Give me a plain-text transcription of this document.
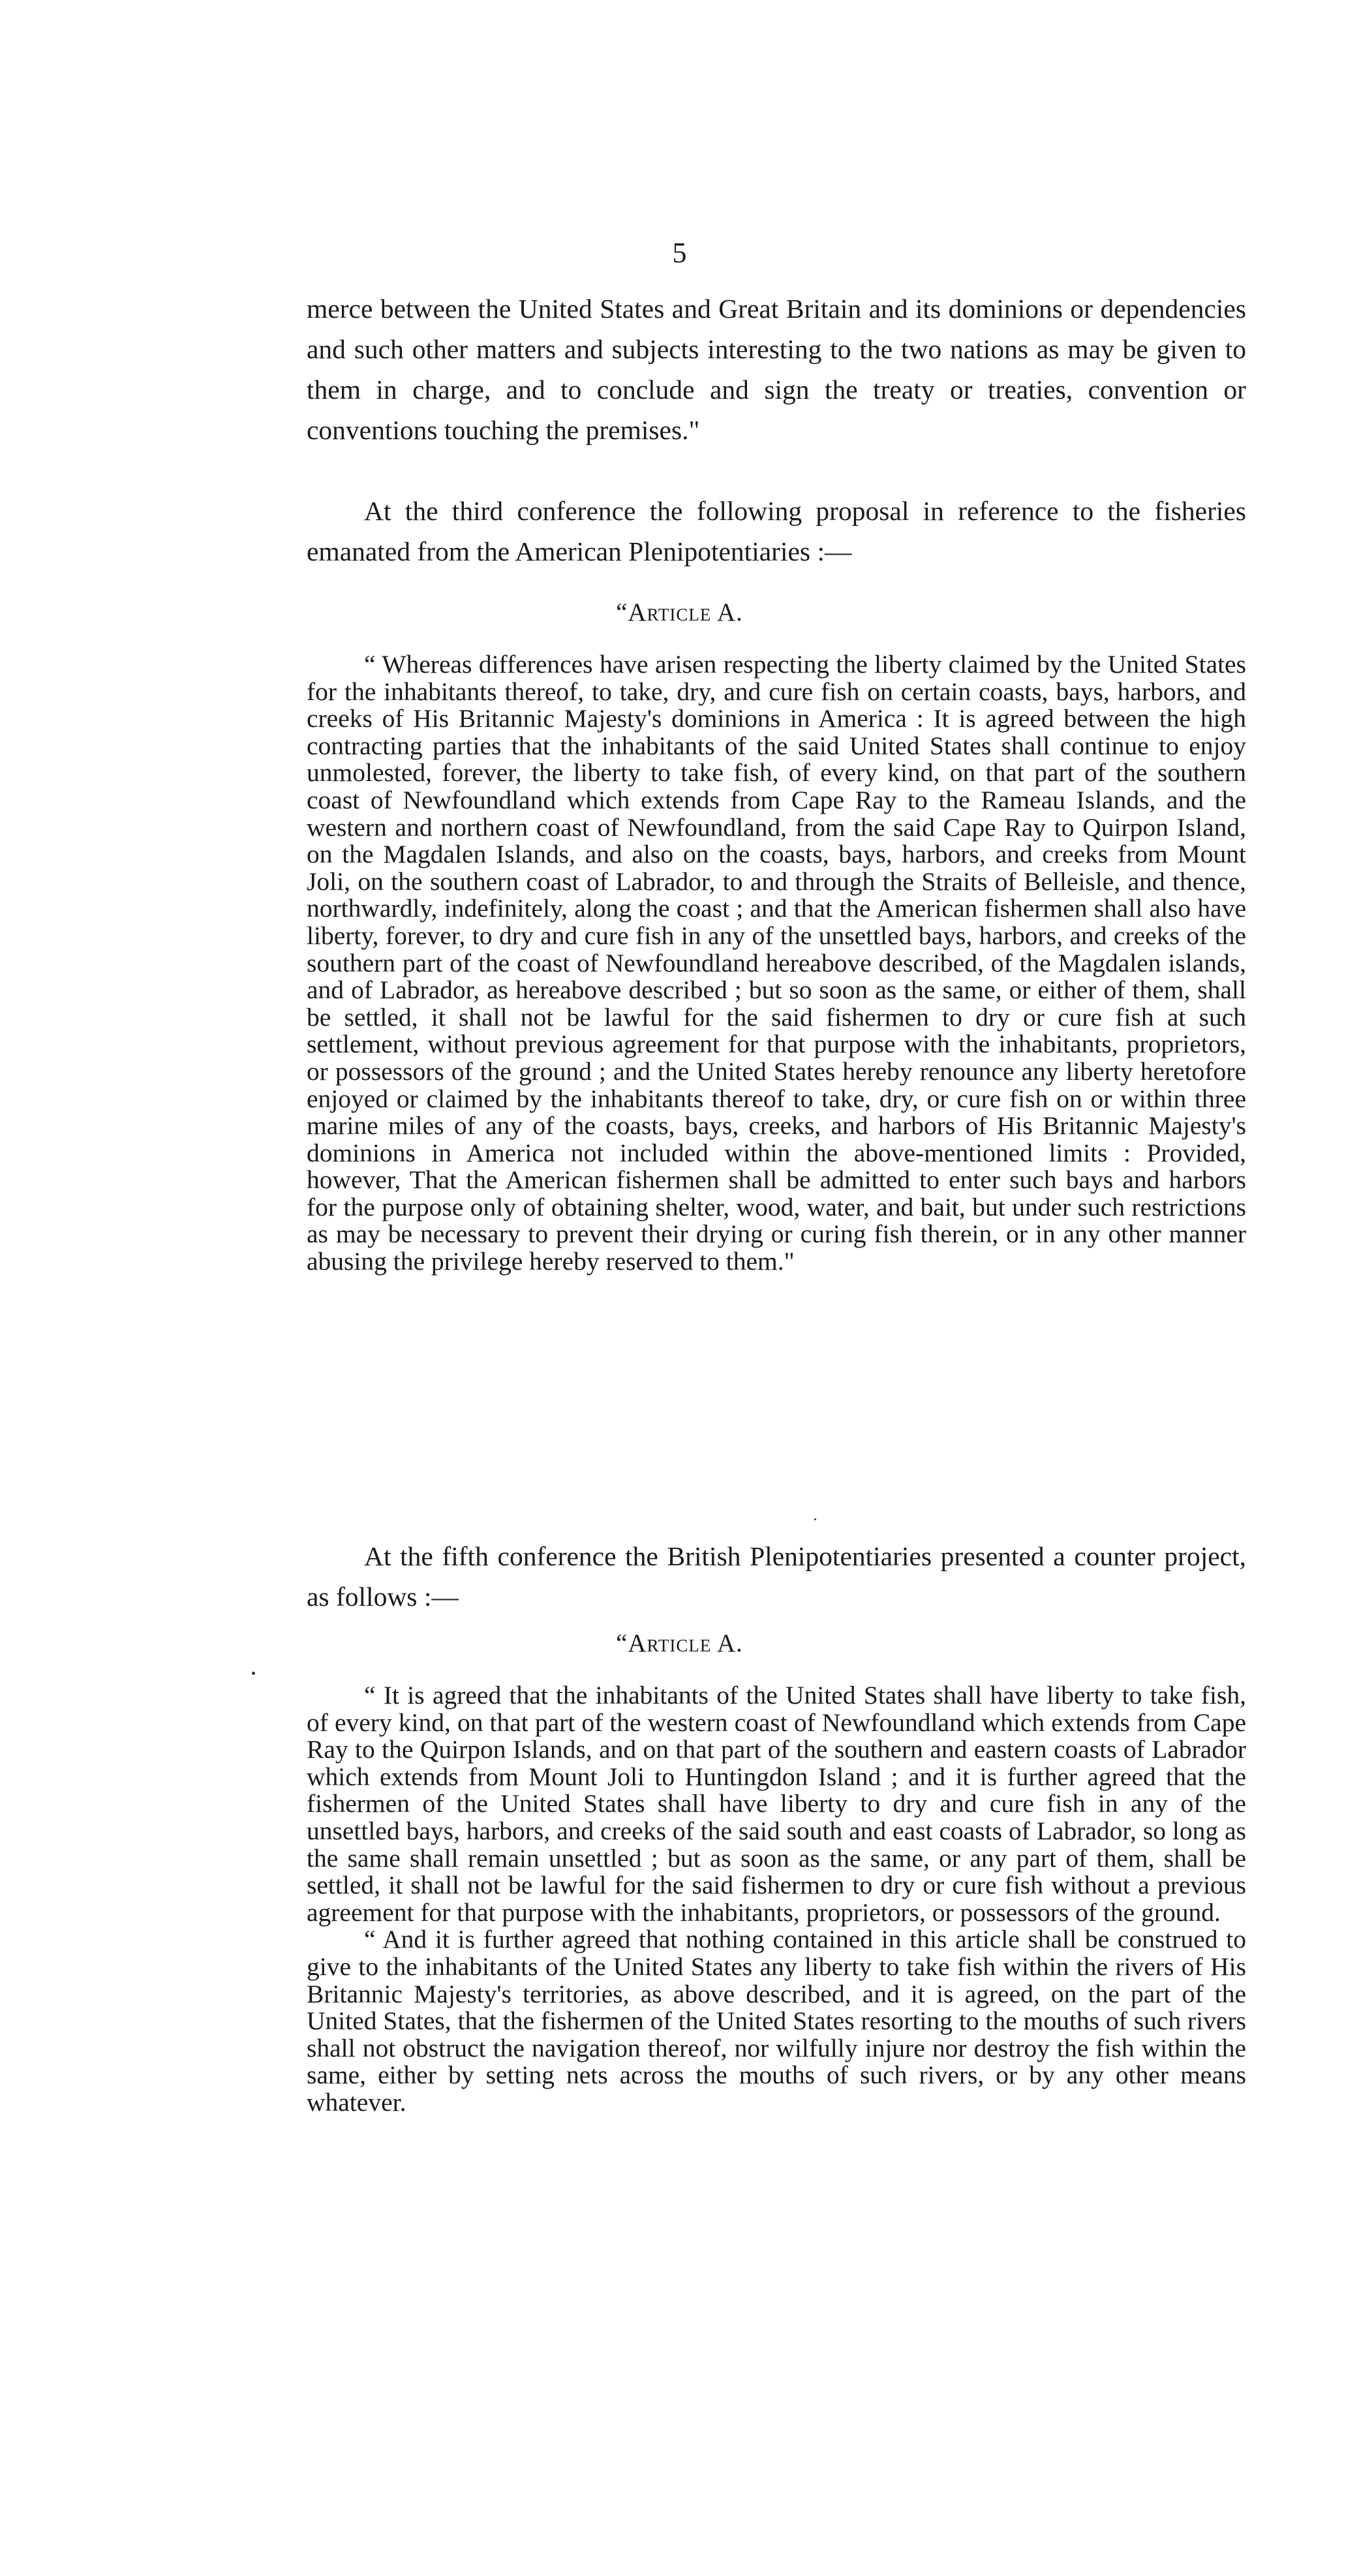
5

merce between the United States and Great Britain and its dominions or dependencies and such other matters and subjects interesting to the two nations as may be given to them in charge, and to conclude and sign the treaty or treaties, convention or conventions touching the premises."

At the third conference the following proposal in reference to the fisheries emanated from the American Plenipotentiaries :—

“Article A.

“ Whereas differences have arisen respecting the liberty claimed by the United States for the inhabitants thereof, to take, dry, and cure fish on certain coasts, bays, harbors, and creeks of His Britannic Majesty's dominions in America : It is agreed between the high contracting parties that the inhabitants of the said United States shall continue to enjoy unmolested, forever, the liberty to take fish, of every kind, on that part of the southern coast of Newfoundland which extends from Cape Ray to the Rameau Islands, and the western and northern coast of Newfoundland, from the said Cape Ray to Quirpon Island, on the Magdalen Islands, and also on the coasts, bays, harbors, and creeks from Mount Joli, on the southern coast of Labrador, to and through the Straits of Belleisle, and thence, northwardly, indefinitely, along the coast ; and that the American fishermen shall also have liberty, forever, to dry and cure fish in any of the unsettled bays, harbors, and creeks of the southern part of the coast of Newfoundland hereabove described, of the Magdalen islands, and of Labrador, as hereabove described ; but so soon as the same, or either of them, shall be settled, it shall not be lawful for the said fishermen to dry or cure fish at such settlement, without previous agreement for that purpose with the inhabitants, proprietors, or possessors of the ground ; and the United States hereby renounce any liberty heretofore enjoyed or claimed by the inhabitants thereof to take, dry, or cure fish on or within three marine miles of any of the coasts, bays, creeks, and harbors of His Britannic Majesty's dominions in America not included within the above-mentioned limits : Provided, however, That the American fishermen shall be admitted to enter such bays and harbors for the purpose only of obtaining shelter, wood, water, and bait, but under such restrictions as may be necessary to prevent their drying or curing fish therein, or in any other manner abusing the privilege hereby reserved to them."

At the fifth conference the British Plenipotentiaries presented a counter project, as follows :—

“Article A.

“ It is agreed that the inhabitants of the United States shall have liberty to take fish, of every kind, on that part of the western coast of Newfoundland which extends from Cape Ray to the Quirpon Islands, and on that part of the southern and eastern coasts of Labrador which extends from Mount Joli to Huntingdon Island ; and it is further agreed that the fishermen of the United States shall have liberty to dry and cure fish in any of the unsettled bays, harbors, and creeks of the said south and east coasts of Labrador, so long as the same shall remain unsettled ; but as soon as the same, or any part of them, shall be settled, it shall not be lawful for the said fishermen to dry or cure fish without a previous agreement for that purpose with the inhabitants, proprietors, or possessors of the ground.

“ And it is further agreed that nothing contained in this article shall be construed to give to the inhabitants of the United States any liberty to take fish within the rivers of His Britannic Majesty's territories, as above described, and it is agreed, on the part of the United States, that the fishermen of the United States resorting to the mouths of such rivers shall not obstruct the navigation thereof, nor wilfully injure nor destroy the fish within the same, either by setting nets across the mouths of such rivers, or by any other means whatever.
